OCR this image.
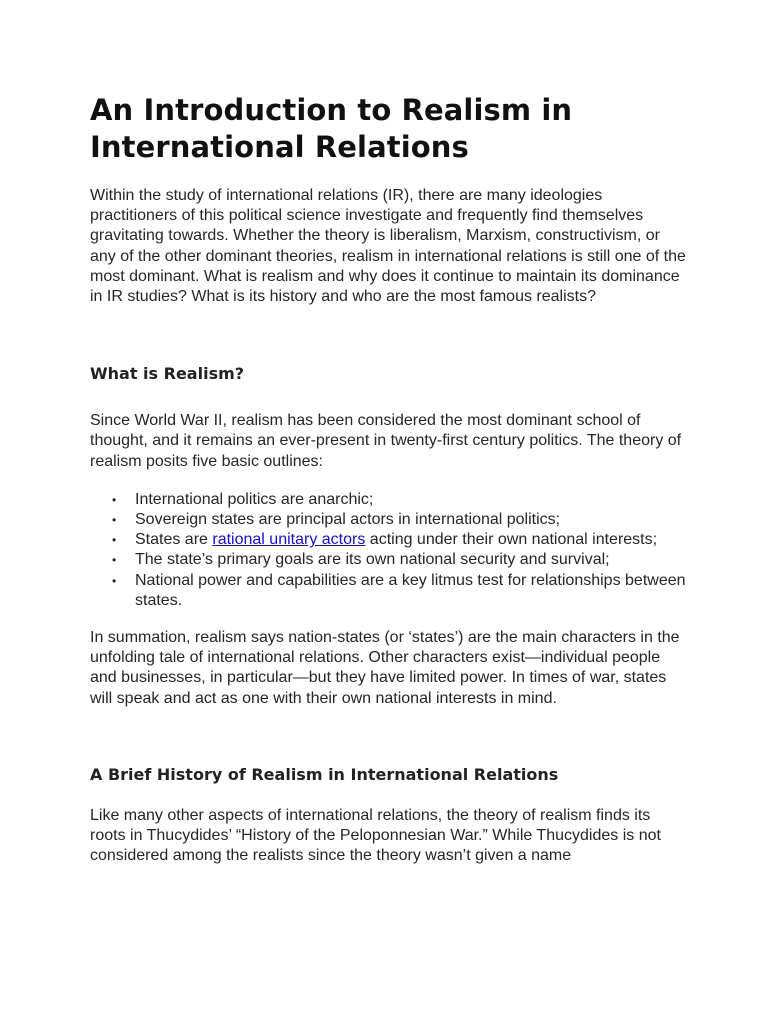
An Introduction to Realism in International Relations

Within the study of international relations (IR), there are many ideologies practitioners of this political science investigate and frequently find themselves gravitating towards. Whether the theory is liberalism, Marxism, constructivism, or any of the other dominant theories, realism in international relations is still one of the most dominant. What is realism and why does it continue to maintain its dominance in IR studies? What is its history and who are the most famous realists?

What is Realism?

Since World War II, realism has been considered the most dominant school of thought, and it remains an ever-present in twenty-first century politics. The theory of realism posits five basic outlines:

• International politics are anarchic;
• Sovereign states are principal actors in international politics;
• States are rational unitary actors acting under their own national interests;
• The state’s primary goals are its own national security and survival;
• National power and capabilities are a key litmus test for relationships between states.

In summation, realism says nation-states (or ‘states’) are the main characters in the unfolding tale of international relations. Other characters exist—individual people and businesses, in particular—but they have limited power. In times of war, states will speak and act as one with their own national interests in mind.

A Brief History of Realism in International Relations

Like many other aspects of international relations, the theory of realism finds its roots in Thucydides’ “History of the Peloponnesian War.” While Thucydides is not considered among the realists since the theory wasn’t given a name
